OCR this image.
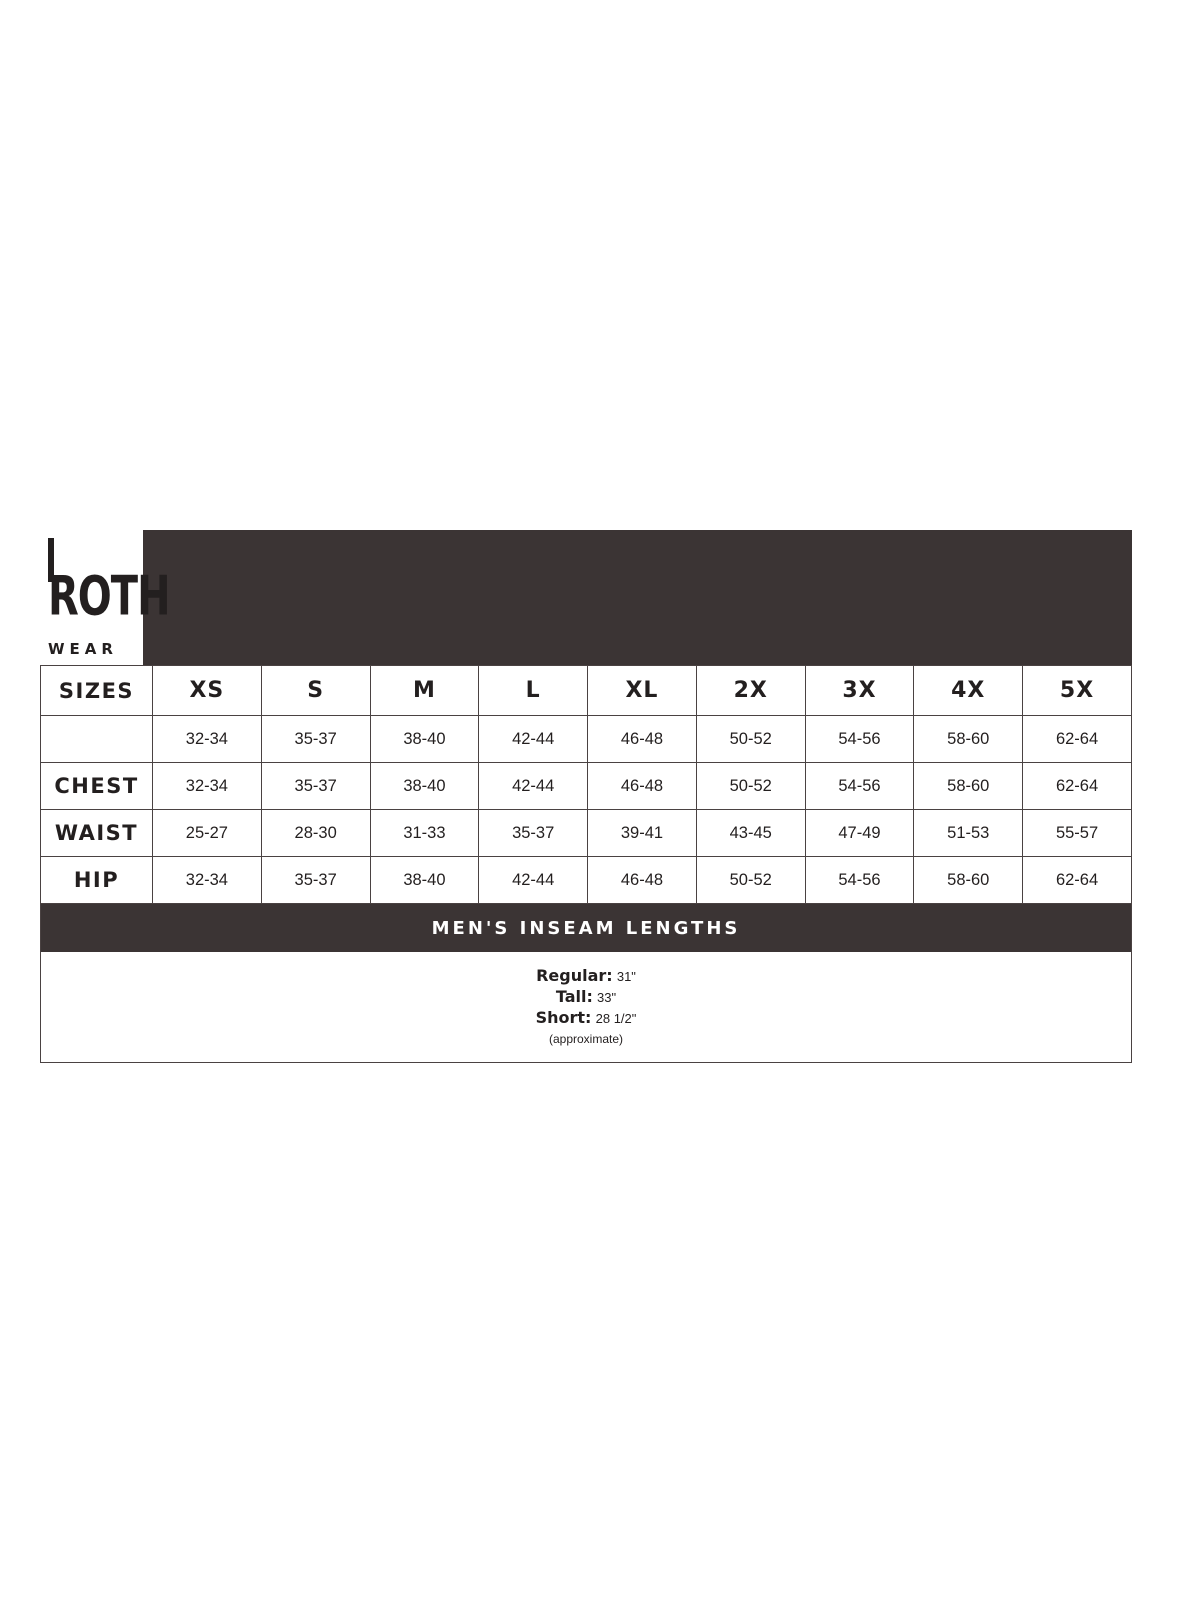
ROTH
WEAR
SIZES	XS	S	M	L	XL	2X	3X	4X	5X
	32-34	35-37	38-40	42-44	46-48	50-52	54-56	58-60	62-64
CHEST	32-34	35-37	38-40	42-44	46-48	50-52	54-56	58-60	62-64
WAIST	25-27	28-30	31-33	35-37	39-41	43-45	47-49	51-53	55-57
HIP	32-34	35-37	38-40	42-44	46-48	50-52	54-56	58-60	62-64
MEN'S INSEAM LENGTHS
Regular: 31"
Tall: 33"
Short: 28 1/2"
(approximate)
